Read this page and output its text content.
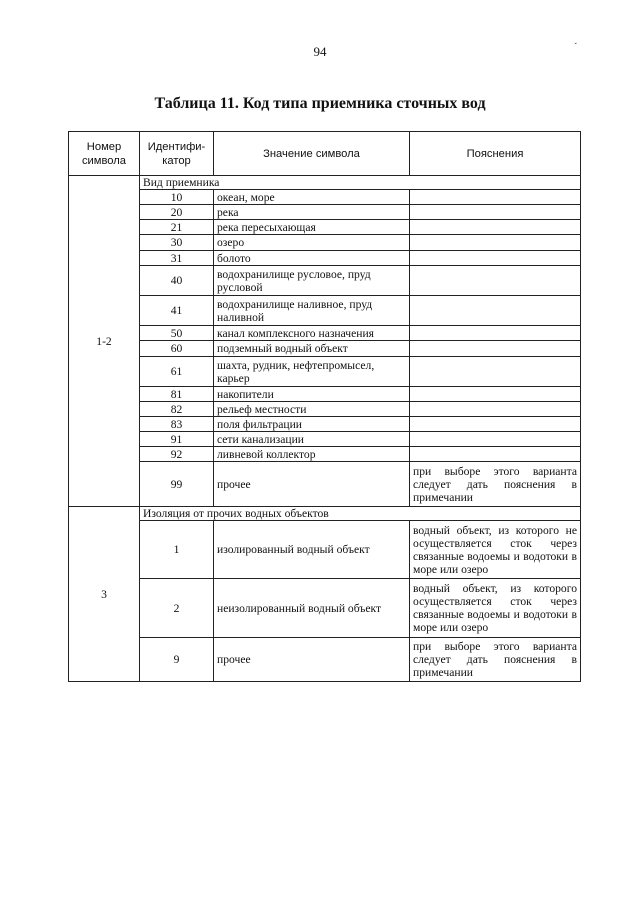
94
˯
Таблица 11. Код типа приемника сточных вод
Номер символа	Идентифи-катор	Значение символа	Пояснения
1-2	Вид приемника		
	10	океан, море	
	20	река	
	21	река пересыхающая	
	30	озеро	
	31	болото	
	40	водохранилище русловое, пруд русловой	
	41	водохранилище наливное, пруд наливной	
	50	канал комплексного назначения	
	60	подземный водный объект	
	61	шахта, рудник, нефтепромысел, карьер	
	81	накопители	
	82	рельеф местности	
	83	поля фильтрации	
	91	сети канализации	
	92	ливневой коллектор	
	99	прочее	при выборе этого варианта следует дать пояснения в примечании
3	Изоляция от прочих водных объектов		
	1	изолированный водный объект	водный объект, из которого не осуществляется сток через связанные водоемы и водотоки в море или озеро
	2	неизолированный водный объект	водный объект, из которого осуществляется сток через связанные водоемы и водотоки в море или озеро
	9	прочее	при выборе этого варианта следует дать пояснения в примечании
